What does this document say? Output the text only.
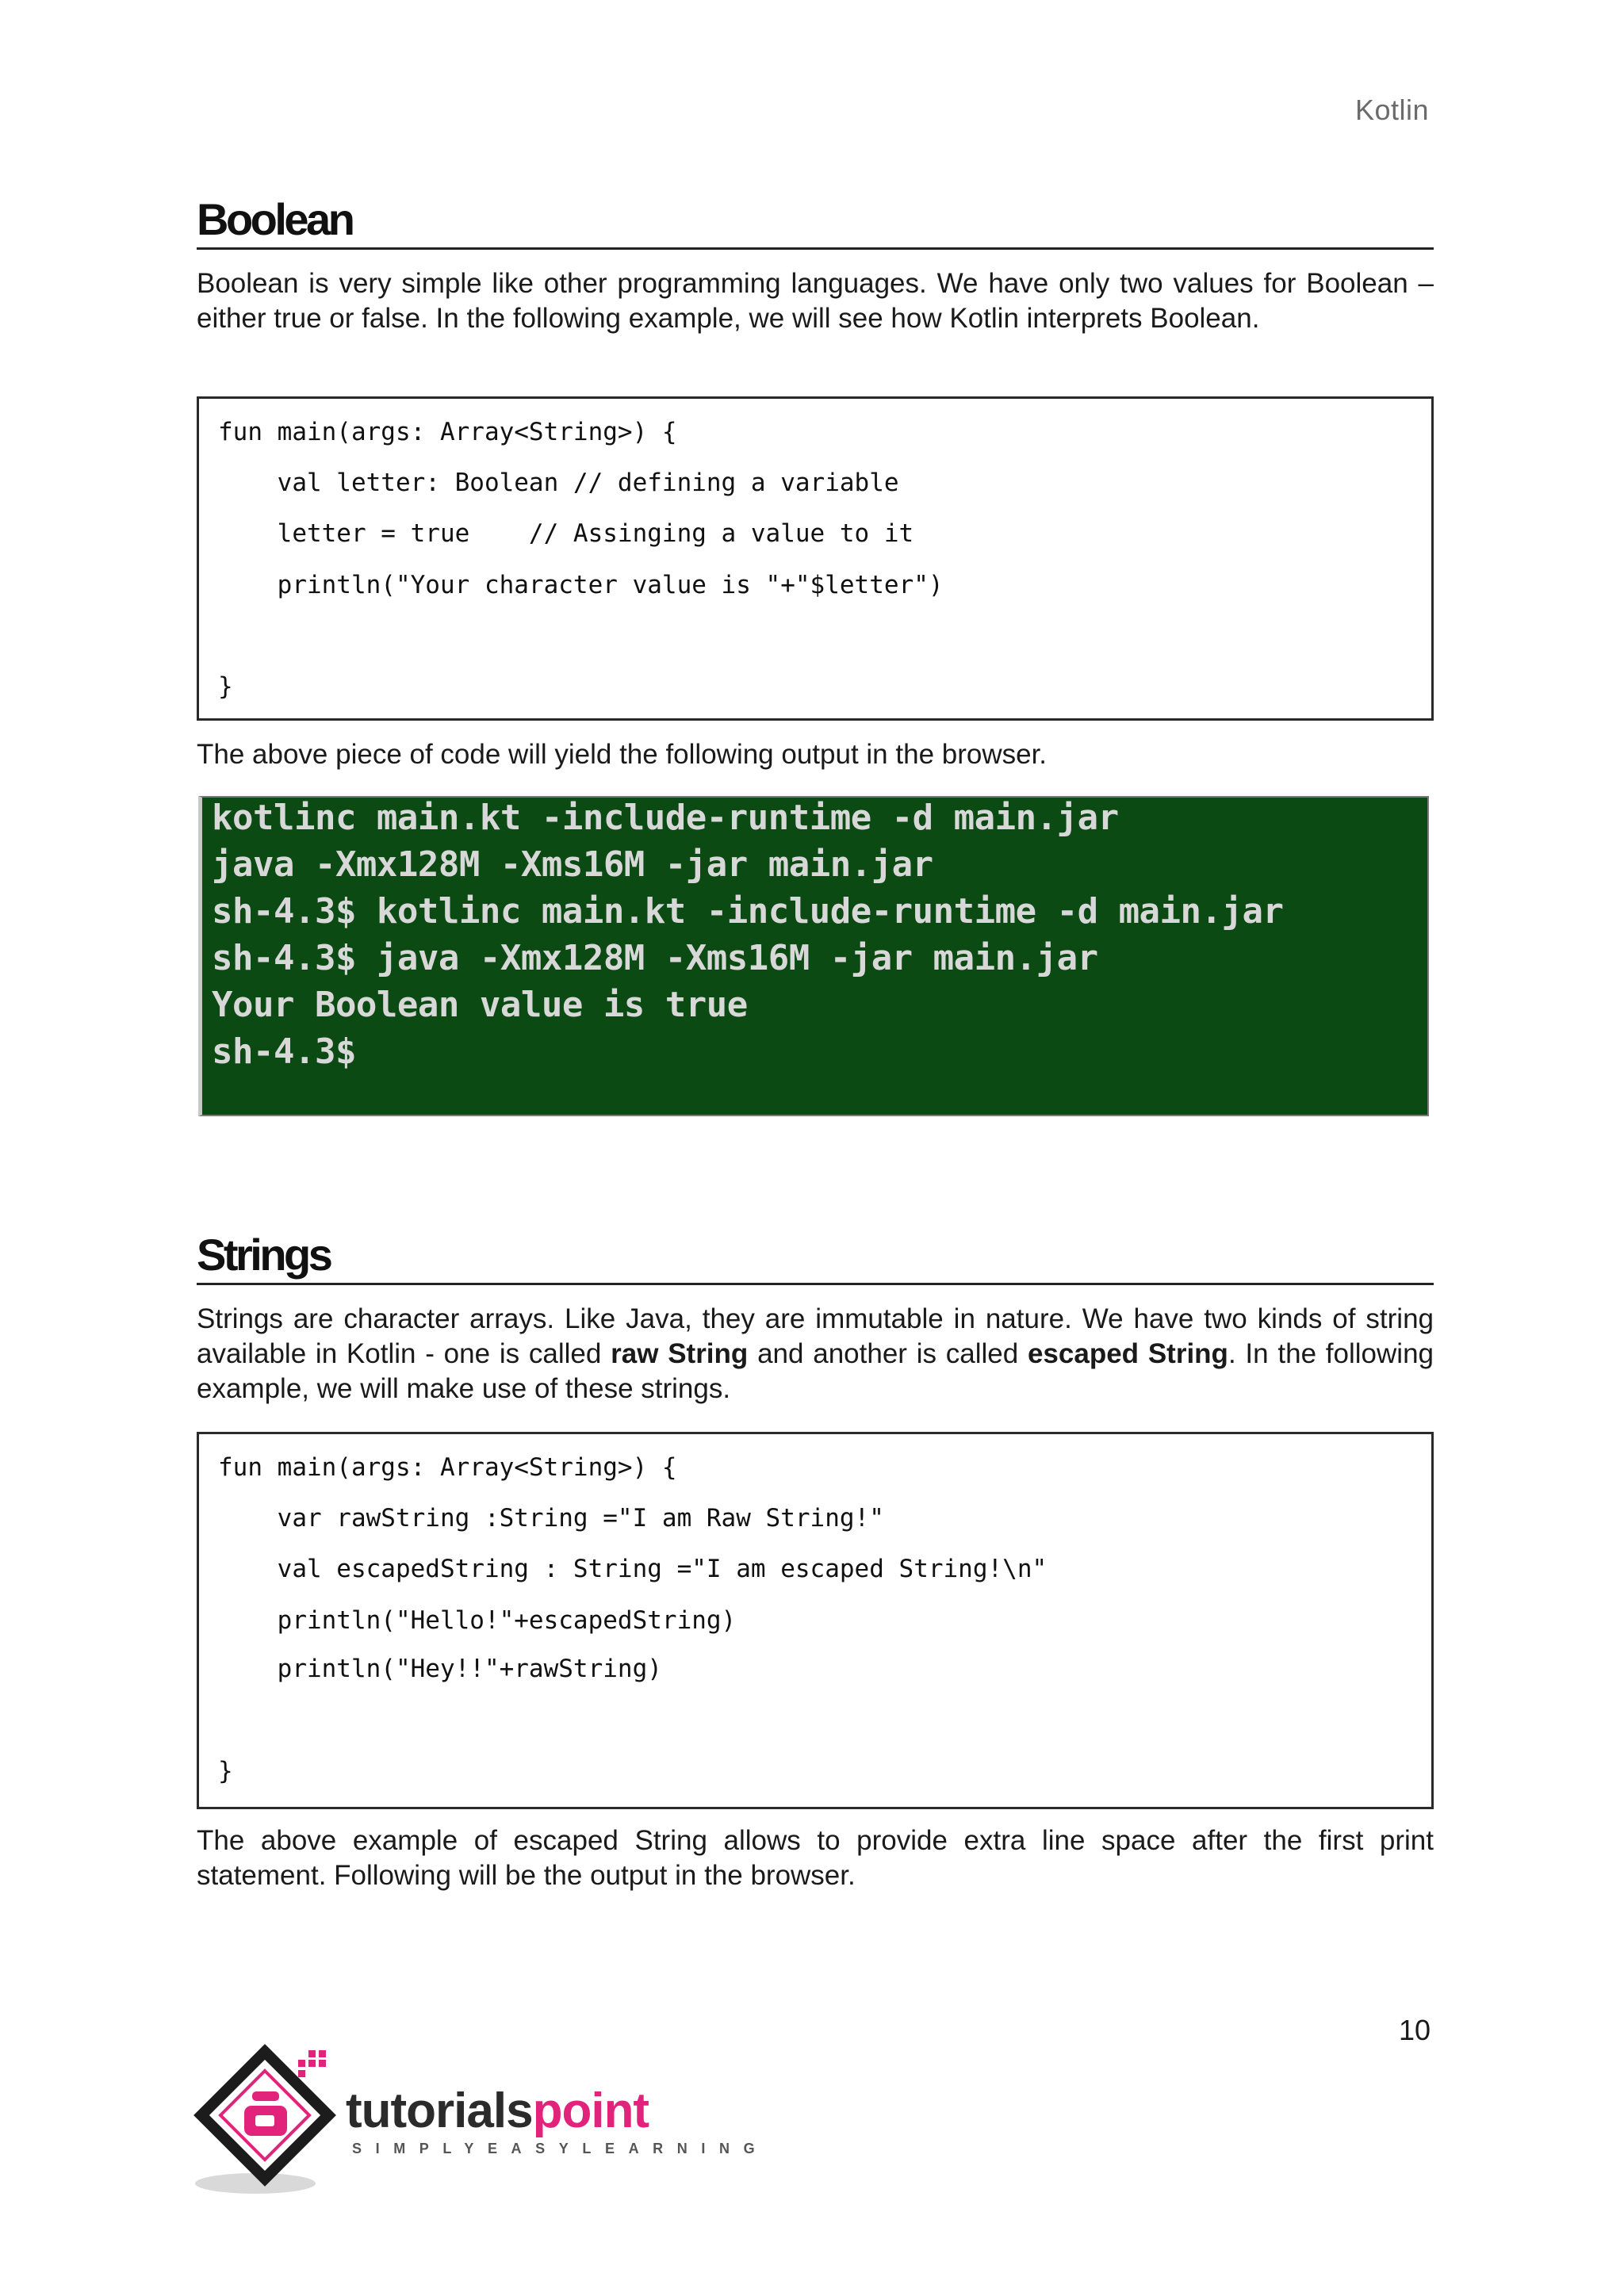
Kotlin
Boolean

Boolean is very simple like other programming languages. We have only two values for Boolean – either true or false. In the following example, we will see how Kotlin interprets Boolean.

fun main(args: Array<String>) {
val letter: Boolean // defining a variable
letter = true    // Assinging a value to it
println("Your character value is "+"$letter")
}

The above piece of code will yield the following output in the browser.

kotlinc main.kt -include-runtime -d main.jar
java -Xmx128M -Xms16M -jar main.jar
sh-4.3$ kotlinc main.kt -include-runtime -d main.jar
sh-4.3$ java -Xmx128M -Xms16M -jar main.jar
Your Boolean value is true
sh-4.3$
Strings

Strings are character arrays. Like Java, they are immutable in nature. We have two kinds of string available in Kotlin - one is called raw String and another is called escaped String. In the following example, we will make use of these strings.

fun main(args: Array<String>) {
var rawString :String ="I am Raw String!"
val escapedString : String ="I am escaped String!\n"
println("Hello!"+escapedString)
println("Hey!!"+rawString)
}

The above example of escaped String allows to provide extra line space after the first print statement. Following will be the output in the browser.

10
tutorialspoint
SIMPLYEASYLEARNING
